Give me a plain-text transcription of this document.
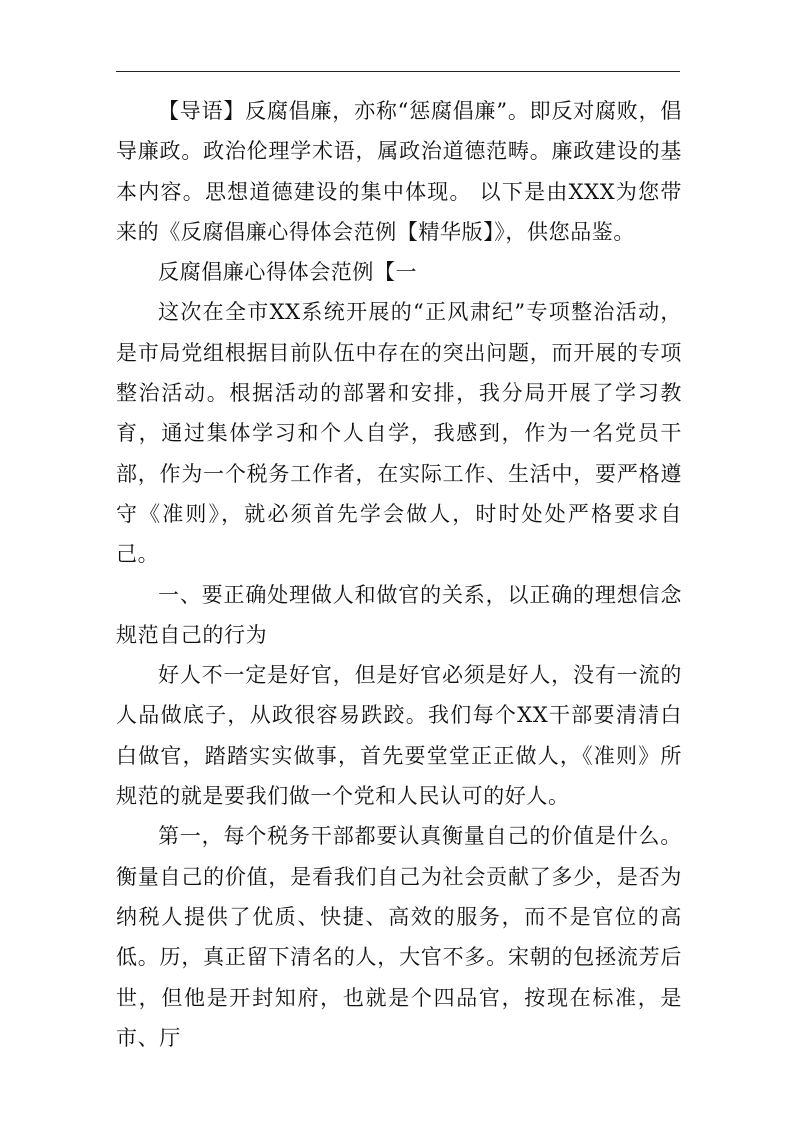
【导语】反腐倡廉，亦称“惩腐倡廉”。即反对腐败，倡导廉政。政治伦理学术语，属政治道德范畴。廉政建设的基本内容。思想道德建设的集中体现。 以下是由XXX为您带来的《反腐倡廉心得体会范例【精华版】》，供您品鉴。

反腐倡廉心得体会范例【一

这次在全市XX系统开展的“正风肃纪”专项整治活动，是市局党组根据目前队伍中存在的突出问题，而开展的专项整治活动。根据活动的部署和安排，我分局开展了学习教育，通过集体学习和个人自学，我感到，作为一名党员干部，作为一个税务工作者，在实际工作、生活中，要严格遵守《准则》，就必须首先学会做人，时时处处严格要求自己。

一、要正确处理做人和做官的关系，以正确的理想信念规范自己的行为

好人不一定是好官，但是好官必须是好人，没有一流的人品做底子，从政很容易跌跤。我们每个XX干部要清清白白做官，踏踏实实做事，首先要堂堂正正做人，《准则》所规范的就是要我们做一个党和人民认可的好人。

第一，每个税务干部都要认真衡量自己的价值是什么。衡量自己的价值，是看我们自己为社会贡献了多少，是否为纳税人提供了优质、快捷、高效的服务，而不是官位的高低。历，真正留下清名的人，大官不多。宋朝的包拯流芳后世，但他是开封知府，也就是个四品官，按现在标准，是市、厅
